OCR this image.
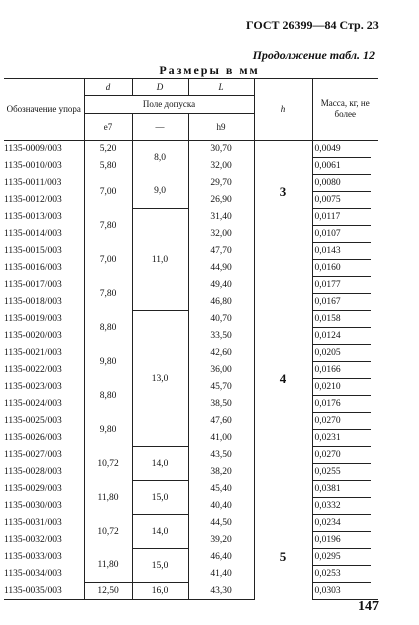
ГОСТ 26399—84 Стр. 23
Продолжение табл. 12
Размеры в мм
Обозначение упора	d	D	L	h	Масса, кг, не более
	Поле допуска				
	e7	—	h9		
1135-0009/003	5,20	8,0	30,70	3	0,0049
1135-0010/003	5,80		32,00		0,0061
1135-0011/003	7,00	9,0	29,70		0,0080
1135-0012/003			26,90		0,0075
1135-0013/003	7,80	11,0	31,40		0,0117
1135-0014/003			32,00		0,0107
1135-0015/003	7,00		47,70	4	0,0143
1135-0016/003			44,90		0,0160
1135-0017/003	7,80		49,40		0,0177
1135-0018/003			46,80		0,0167
1135-0019/003	8,80	13,0	40,70		0,0158
1135-0020/003			33,50		0,0124
1135-0021/003	9,80		42,60		0,0205
1135-0022/003			36,00		0,0166
1135-0023/003	8,80		45,70		0,0210
1135-0024/003			38,50		0,0176
1135-0025/003	9,80		47,60		0,0270
1135-0026/003			41,00		0,0231
1135-0027/003	10,72	14,0	43,50		0,0270
1135-0028/003			38,20		0,0255
1135-0029/003	11,80	15,0	45,40		0,0381
1135-0030/003			40,40		0,0332
1135-0031/003	10,72	14,0	44,50	5	0,0234
1135-0032/003			39,20		0,0196
1135-0033/003	11,80	15,0	46,40		0,0295
1135-0034/003			41,40		0,0253
1135-0035/003	12,50	16,0	43,30		0,0303
147
